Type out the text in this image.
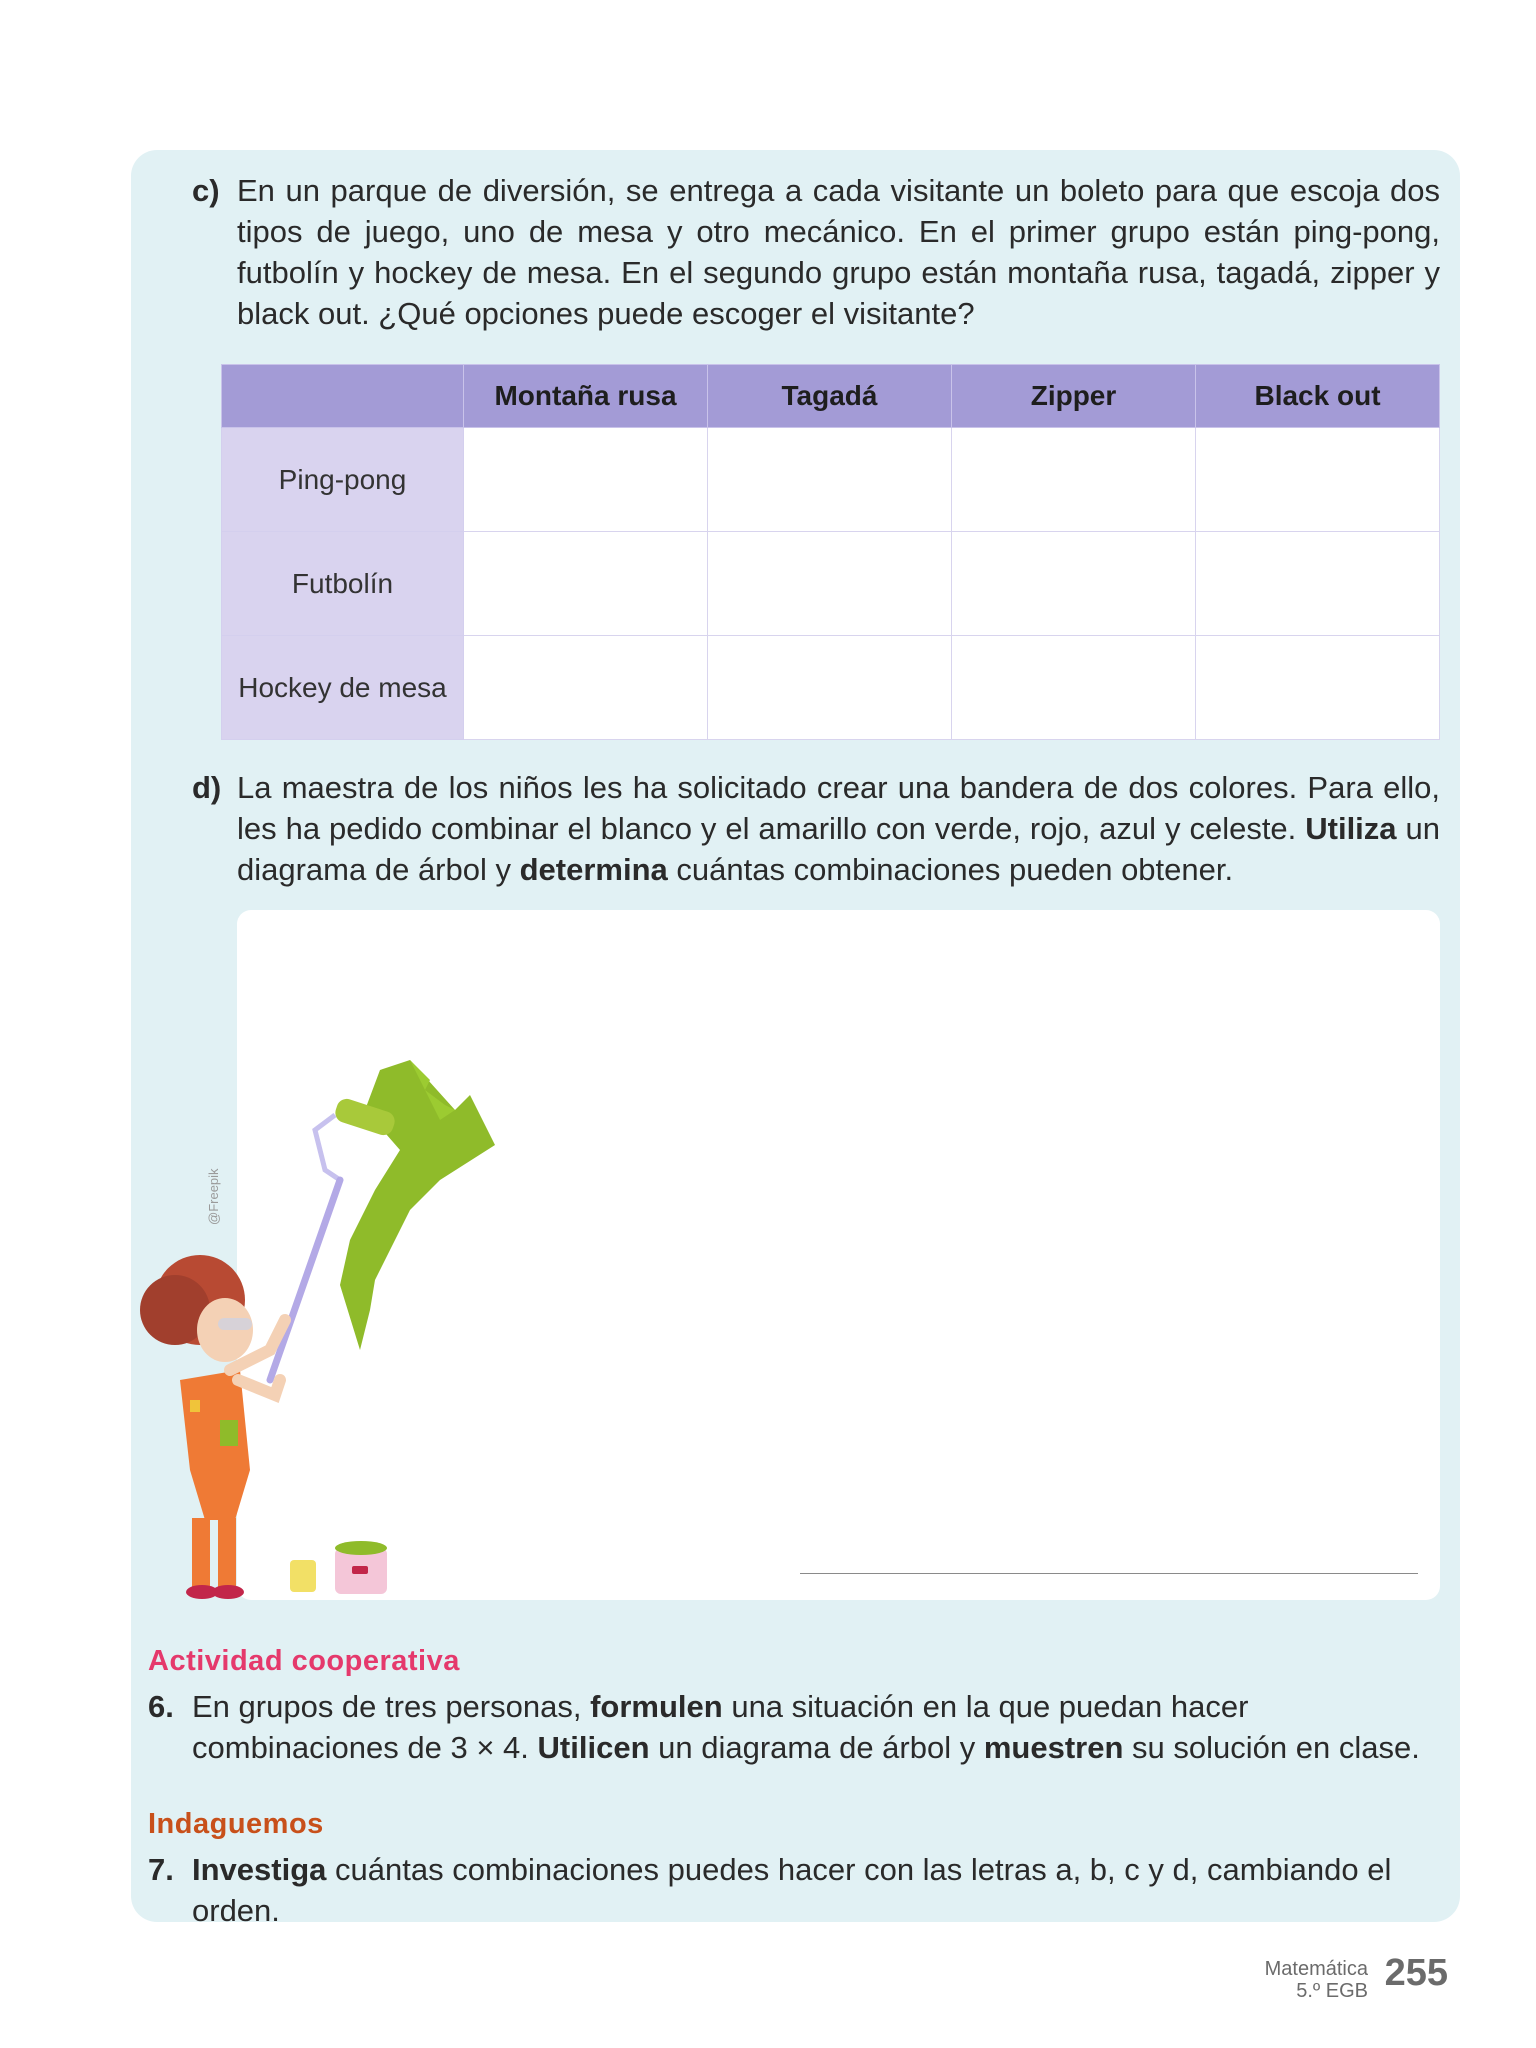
c) En un parque de diversión, se entrega a cada visitante un boleto para que escoja dos tipos de juego, uno de mesa y otro mecánico. En el primer grupo están ping-pong, futbolín y hockey de mesa. En el segundo grupo están montaña rusa, tagadá, zipper y black out. ¿Qué opciones puede escoger el visitante?
	Montaña rusa	Tagadá	Zipper	Black out
Ping-pong				
Futbolín				
Hockey de mesa				
d) La maestra de los niños les ha solicitado crear una bandera de dos colores. Para ello, les ha pedido combinar el blanco y el amarillo con verde, rojo, azul y celeste. Utiliza un diagrama de árbol y determina cuántas combinaciones pueden obtener.
@Freepik
Actividad cooperativa
6. En grupos de tres personas, formulen una situación en la que puedan hacer combinaciones de 3 × 4. Utilicen un diagrama de árbol y muestren su solución en clase.
Indaguemos
7. Investiga cuántas combinaciones puedes hacer con las letras a, b, c y d, cambiando el orden.
Matemática
5.º EGB 255
